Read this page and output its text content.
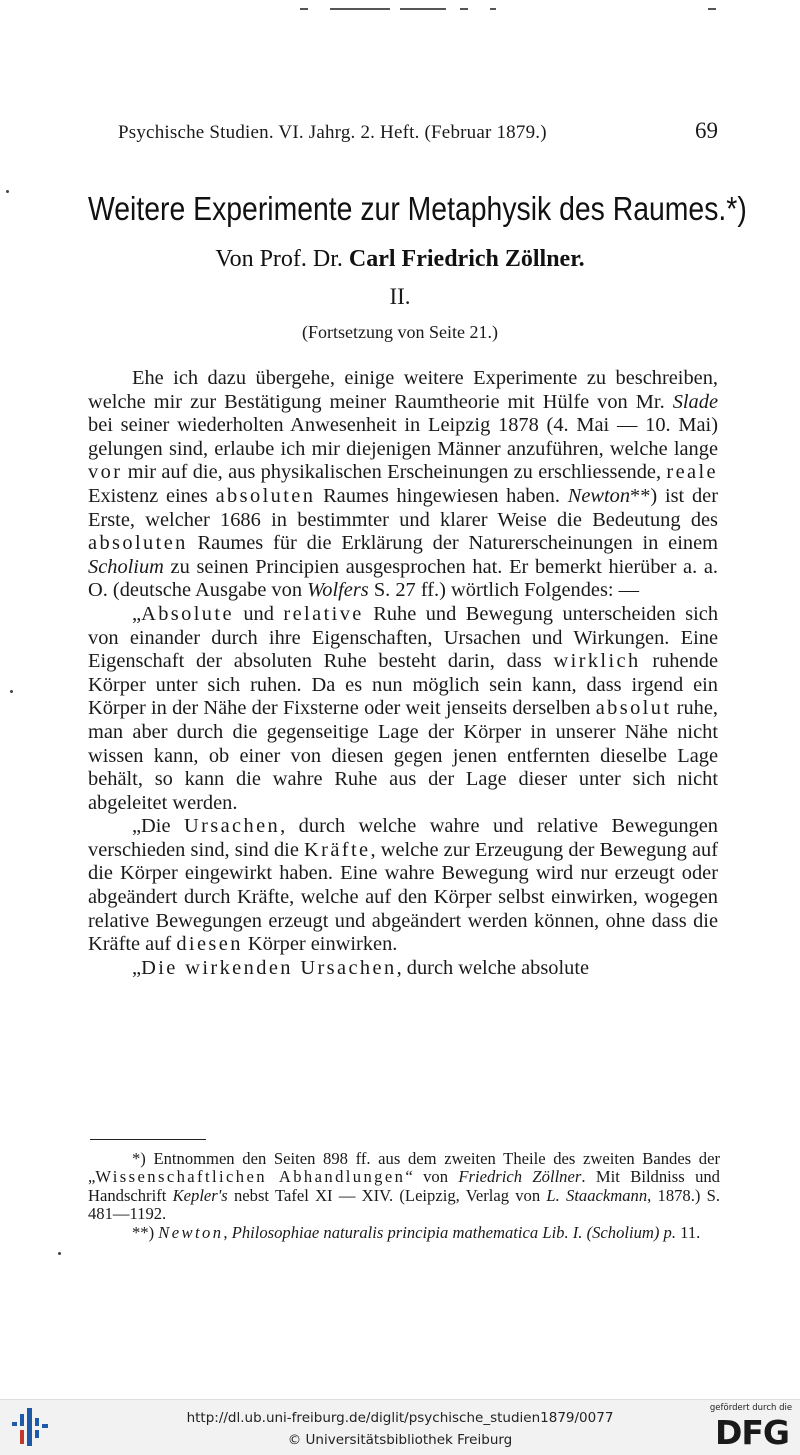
Psychische Studien. VI. Jahrg. 2. Heft. (Februar 1879.)	69
Weitere Experimente zur Metaphysik des Raumes.*)
Von Prof. Dr. Carl Friedrich Zöllner.
II.
(Fortsetzung von Seite 21.)

Ehe ich dazu übergehe, einige weitere Experimente zu beschreiben, welche mir zur Bestätigung meiner Raumtheorie mit Hülfe von Mr. Slade bei seiner wiederholten Anwesenheit in Leipzig 1878 (4. Mai — 10. Mai) gelungen sind, erlaube ich mir diejenigen Männer anzuführen, welche lange vor mir auf die, aus physikalischen Erscheinungen zu erschliessende, reale Existenz eines absoluten Raumes hingewiesen haben. Newton**) ist der Erste, welcher 1686 in bestimmter und klarer Weise die Bedeutung des absoluten Raumes für die Erklärung der Naturerscheinungen in einem Scholium zu seinen Principien ausgesprochen hat. Er bemerkt hierüber a. a. O. (deutsche Ausgabe von Wolfers S. 27 ff.) wörtlich Folgendes: —

„Absolute und relative Ruhe und Bewegung unterscheiden sich von einander durch ihre Eigenschaften, Ursachen und Wirkungen. Eine Eigenschaft der absoluten Ruhe besteht darin, dass wirklich ruhende Körper unter sich ruhen. Da es nun möglich sein kann, dass irgend ein Körper in der Nähe der Fixsterne oder weit jenseits derselben absolut ruhe, man aber durch die gegenseitige Lage der Körper in unserer Nähe nicht wissen kann, ob einer von diesen gegen jenen entfernten dieselbe Lage behält, so kann die wahre Ruhe aus der Lage dieser unter sich nicht abgeleitet werden.

„Die Ursachen, durch welche wahre und relative Bewegungen verschieden sind, sind die Kräfte, welche zur Erzeugung der Bewegung auf die Körper eingewirkt haben. Eine wahre Bewegung wird nur erzeugt oder abgeändert durch Kräfte, welche auf den Körper selbst einwirken, wogegen relative Bewegungen erzeugt und abgeändert werden können, ohne dass die Kräfte auf diesen Körper einwirken.

„Die wirkenden Ursachen, durch welche absolute

*) Entnommen den Seiten 898 ff. aus dem zweiten Theile des zweiten Bandes der „Wissenschaftlichen Abhandlungen“ von Friedrich Zöllner. Mit Bildniss und Handschrift Kepler's nebst Tafel XI — XIV. (Leipzig, Verlag von L. Staackmann, 1878.) S. 481—1192.

**) Newton, Philosophiae naturalis principia mathematica Lib. I. (Scholium) p. 11.

http://dl.ub.uni-freiburg.de/diglit/psychische_studien1879/0077
© Universitätsbibliothek Freiburg
gefördert durch die
DFG
